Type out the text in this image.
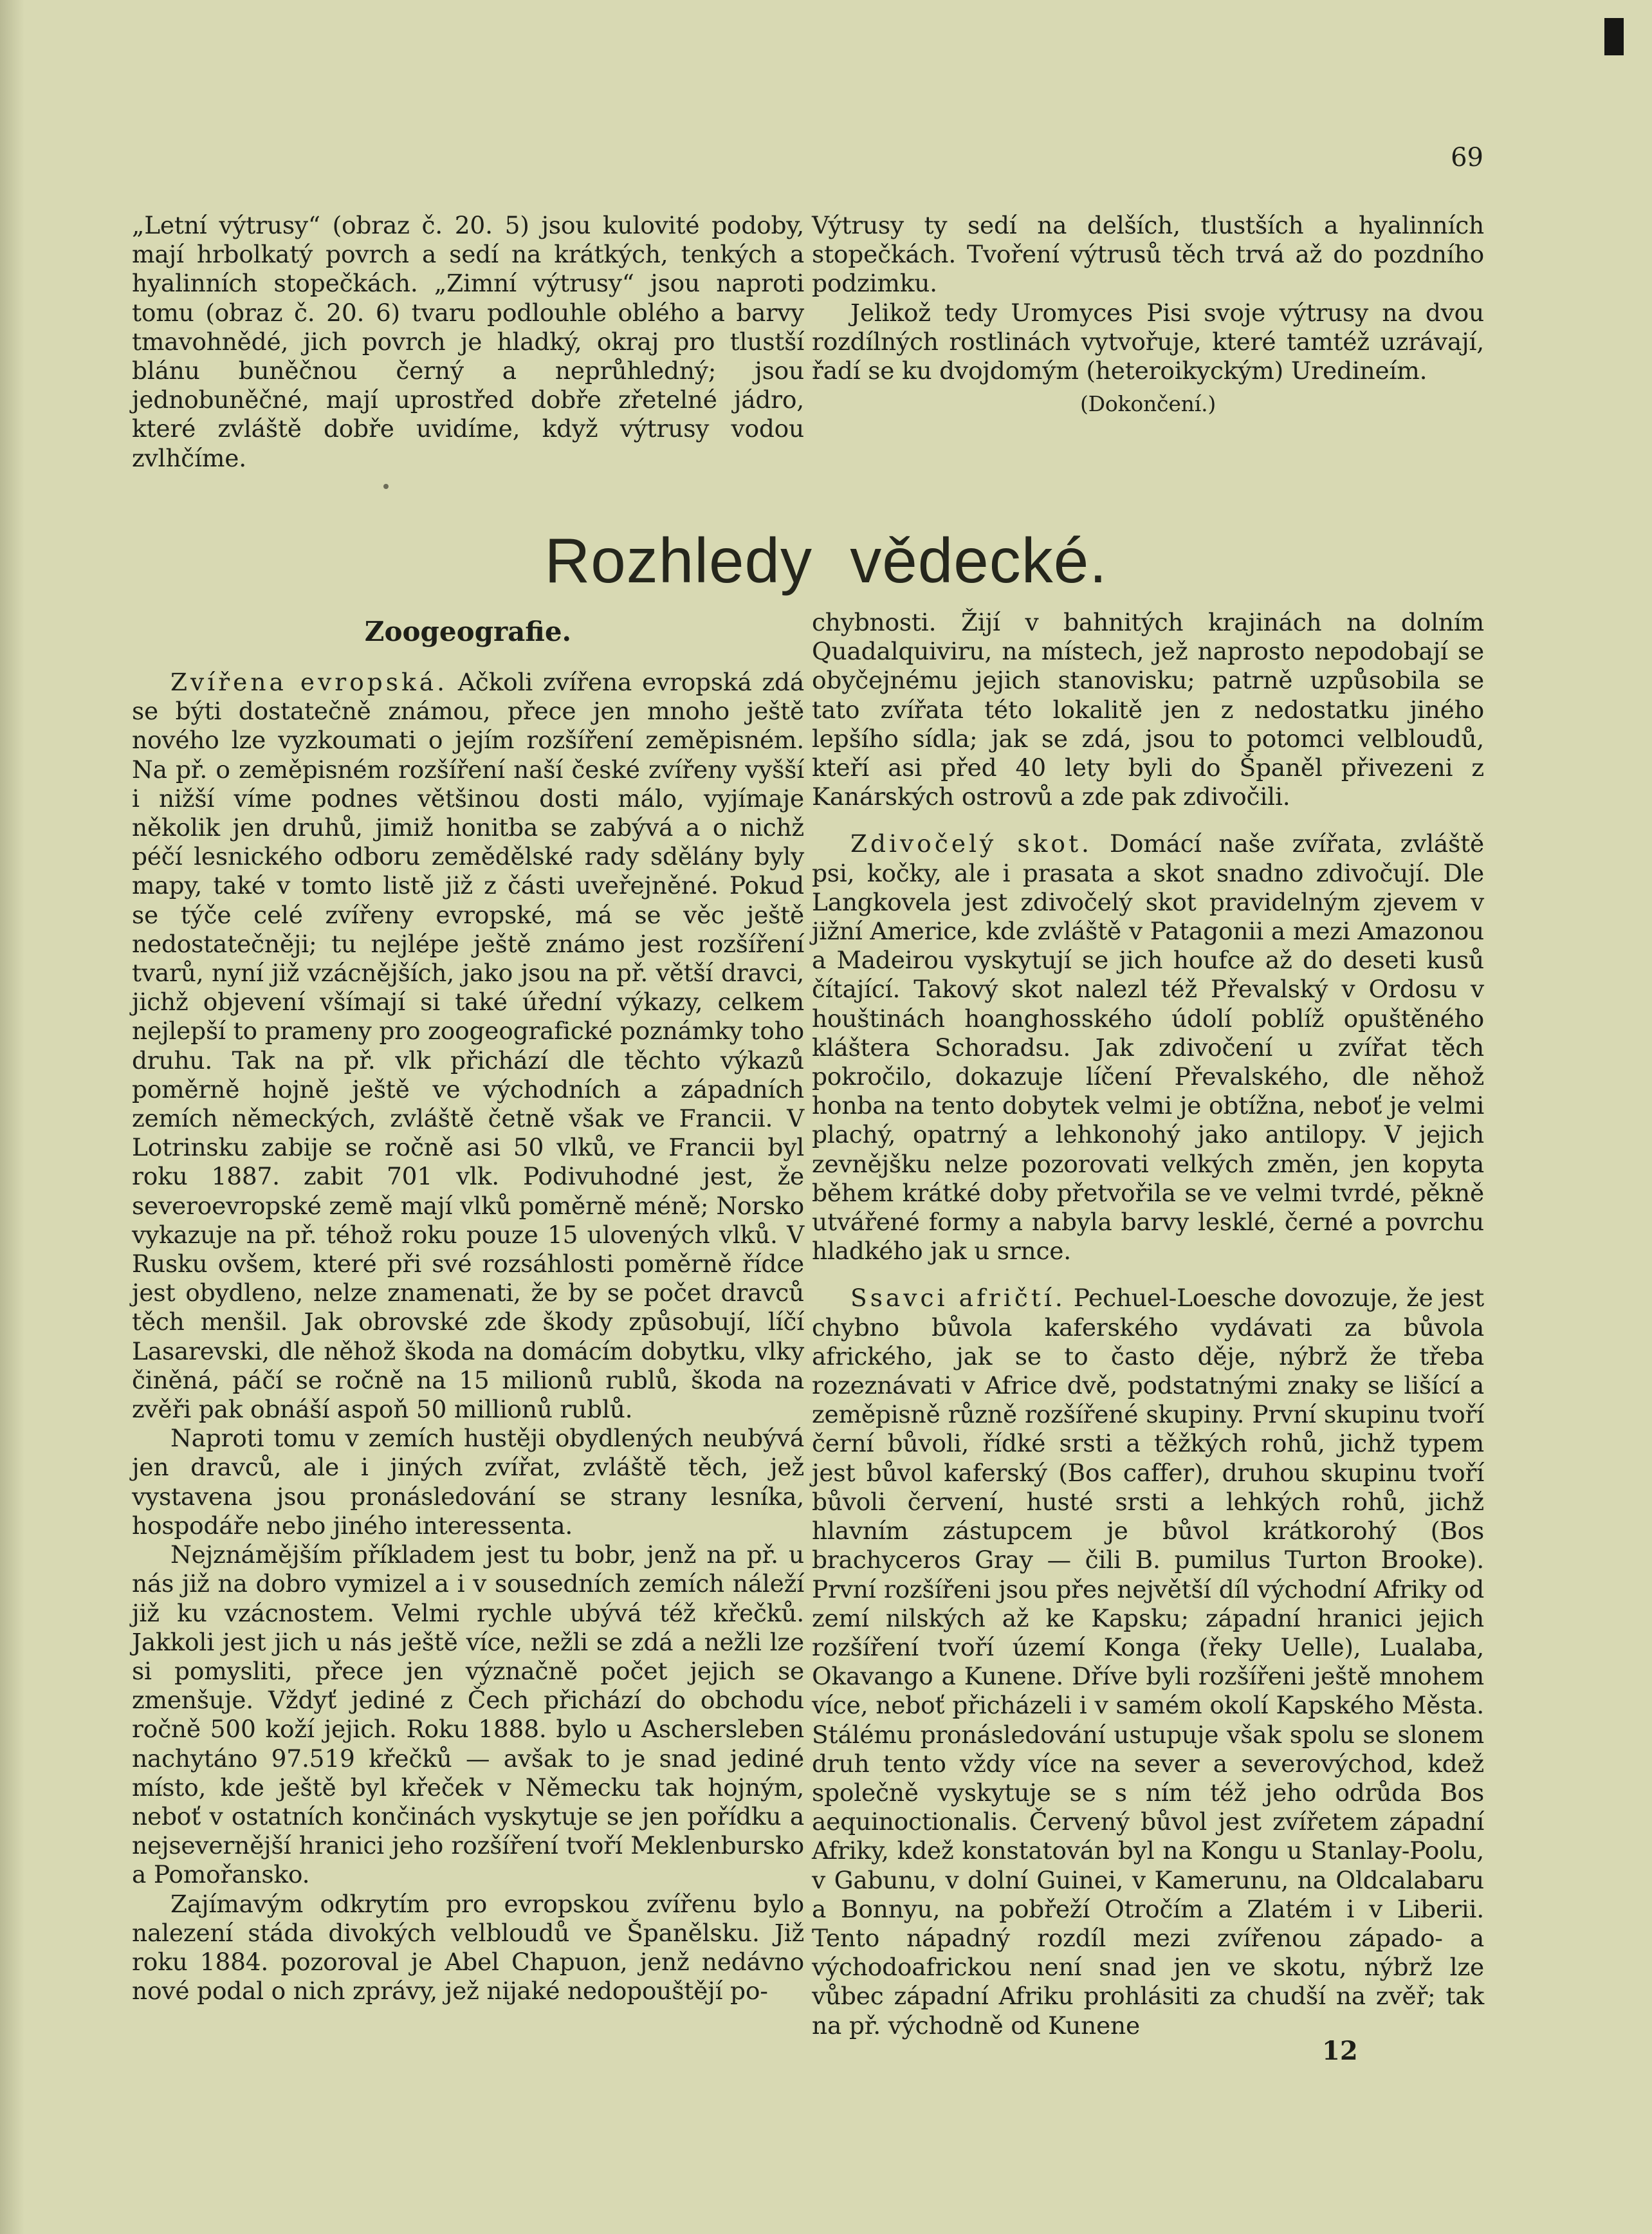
69

„Letní výtrusy“ (obraz č. 20. 5) jsou kulovité podoby, mají hrbolkatý povrch a sedí na krátkých, tenkých a hyalinních stopečkách. „Zimní výtrusy“ jsou naproti tomu (obraz č. 20. 6) tvaru podlouhle oblého a barvy tmavohnědé, jich povrch je hladký, okraj pro tlustší blánu buněčnou černý a neprůhledný; jsou jednobuněčné, mají uprostřed dobře zřetelné jádro, které zvláště dobře uvidíme, když výtrusy vodou zvlhčíme.

Výtrusy ty sedí na delších, tlustších a hyalinních stopečkách. Tvoření výtrusů těch trvá až do pozdního podzimku.

Jelikož tedy Uromyces Pisi svoje výtrusy na dvou rozdílných rostlinách vytvořuje, které tamtéž uzrávají, řadí se ku dvojdomým (heteroikyckým) Uredineím.

(Dokončení.)
Rozhledy vědecké.
Zoogeografie.

Zvířena evropská. Ačkoli zvířena evropská zdá se býti dostatečně známou, přece jen mnoho ještě nového lze vyzkoumati o jejím rozšíření zeměpisném. Na př. o zeměpisném rozšíření naší české zvířeny vyšší i nižší víme podnes většinou dosti málo, vyjímaje několik jen druhů, jimiž honitba se zabývá a o nichž péčí lesnického odboru zemědělské rady sdělány byly mapy, také v tomto listě již z části uveřejněné. Pokud se týče celé zvířeny evropské, má se věc ještě nedostatečněji; tu nejlépe ještě známo jest rozšíření tvarů, nyní již vzácnějších, jako jsou na př. větší dravci, jichž objevení všímají si také úřední výkazy, celkem nejlepší to prameny pro zoogeografické poznámky toho druhu. Tak na př. vlk přichází dle těchto výkazů poměrně hojně ještě ve východních a západních zemích německých, zvláště četně však ve Francii. V Lotrinsku zabije se ročně asi 50 vlků, ve Francii byl roku 1887. zabit 701 vlk. Podivuhodné jest, že severoevropské země mají vlků poměrně méně; Norsko vykazuje na př. téhož roku pouze 15 ulovených vlků. V Rusku ovšem, které při své rozsáhlosti poměrně řídce jest obydleno, nelze znamenati, že by se počet dravců těch menšil. Jak obrovské zde škody způsobují, líčí Lasarevski, dle něhož škoda na domácím dobytku, vlky činěná, páčí se ročně na 15 milionů rublů, škoda na zvěři pak obnáší aspoň 50 millionů rublů.

Naproti tomu v zemích hustěji obydlených neubývá jen dravců, ale i jiných zvířat, zvláště těch, jež vystavena jsou pronásledování se strany lesníka, hospodáře nebo jiného interessenta.

Nejznámějším příkladem jest tu bobr, jenž na př. u nás již na dobro vymizel a i v sousedních zemích náleží již ku vzácnostem. Velmi rychle ubývá též křečků. Jakkoli jest jich u nás ještě více, nežli se zdá a nežli lze si pomysliti, přece jen význačně počet jejich se zmenšuje. Vždyť jediné z Čech přichází do obchodu ročně 500 koží jejich. Roku 1888. bylo u Aschersleben nachytáno 97.519 křečků — avšak to je snad jediné místo, kde ještě byl křeček v Německu tak hojným, neboť v ostatních končinách vyskytuje se jen pořídku a nejsevernější hranici jeho rozšíření tvoří Meklenbursko a Pomořansko.

Zajímavým odkrytím pro evropskou zvířenu bylo nalezení stáda divokých velbloudů ve Španělsku. Již roku 1884. pozoroval je Abel Chapuon, jenž nedávno nové podal o nich zprávy, jež nijaké nedopouštějí po-

chybnosti. Žijí v bahnitých krajinách na dolním Quadalquiviru, na místech, jež naprosto nepodobají se obyčejnému jejich stanovisku; patrně uzpůsobila se tato zvířata této lokalitě jen z nedostatku jiného lepšího sídla; jak se zdá, jsou to potomci velbloudů, kteří asi před 40 lety byli do Španěl přivezeni z Kanárských ostrovů a zde pak zdivočili.

Zdivočelý skot. Domácí naše zvířata, zvláště psi, kočky, ale i prasata a skot snadno zdivočují. Dle Langkovela jest zdivočelý skot pravidelným zjevem v jižní Americe, kde zvláště v Patagonii a mezi Amazonou a Madeirou vyskytují se jich houfce až do deseti kusů čítající. Takový skot nalezl též Převalský v Ordosu v houštinách hoanghosského údolí poblíž opuštěného kláštera Schoradsu. Jak zdivočení u zvířat těch pokročilo, dokazuje líčení Převalského, dle něhož honba na tento dobytek velmi je obtížna, neboť je velmi plachý, opatrný a lehkonohý jako antilopy. V jejich zevnějšku nelze pozorovati velkých změn, jen kopyta během krátké doby přetvořila se ve velmi tvrdé, pěkně utvářené formy a nabyla barvy lesklé, černé a povrchu hladkého jak u srnce.

Ssavci afričtí. Pechuel-Loesche dovozuje, že jest chybno bůvola kaferského vydávati za bůvola afrického, jak se to často děje, nýbrž že třeba rozeznávati v Africe dvě, podstatnými znaky se lišící a zeměpisně různě rozšířené skupiny. První skupinu tvoří černí bůvoli, řídké srsti a těžkých rohů, jichž typem jest bůvol kaferský (Bos caffer), druhou skupinu tvoří bůvoli červení, husté srsti a lehkých rohů, jichž hlavním zástupcem je bůvol krátkorohý (Bos brachyceros Gray — čili B. pumilus Turton Brooke). První rozšířeni jsou přes největší díl východní Afriky od zemí nilských až ke Kapsku; západní hranici jejich rozšíření tvoří území Konga (řeky Uelle), Lualaba, Okavango a Kunene. Dříve byli rozšířeni ještě mnohem více, neboť přicházeli i v samém okolí Kapského Města. Stálému pronásledování ustupuje však spolu se slonem druh tento vždy více na sever a severovýchod, kdež společně vyskytuje se s ním též jeho odrůda Bos aequinoctionalis. Červený bůvol jest zvířetem západní Afriky, kdež konstatován byl na Kongu u Stanlay-Poolu, v Gabunu, v dolní Guinei, v Kamerunu, na Oldcalabaru a Bonnyu, na pobřeží Otročím a Zlatém i v Liberii. Tento nápadný rozdíl mezi zvířenou západo- a východoafrickou není snad jen ve skotu, nýbrž lze vůbec západní Afriku prohlásiti za chudší na zvěř; tak na př. východně od Kunene

12
